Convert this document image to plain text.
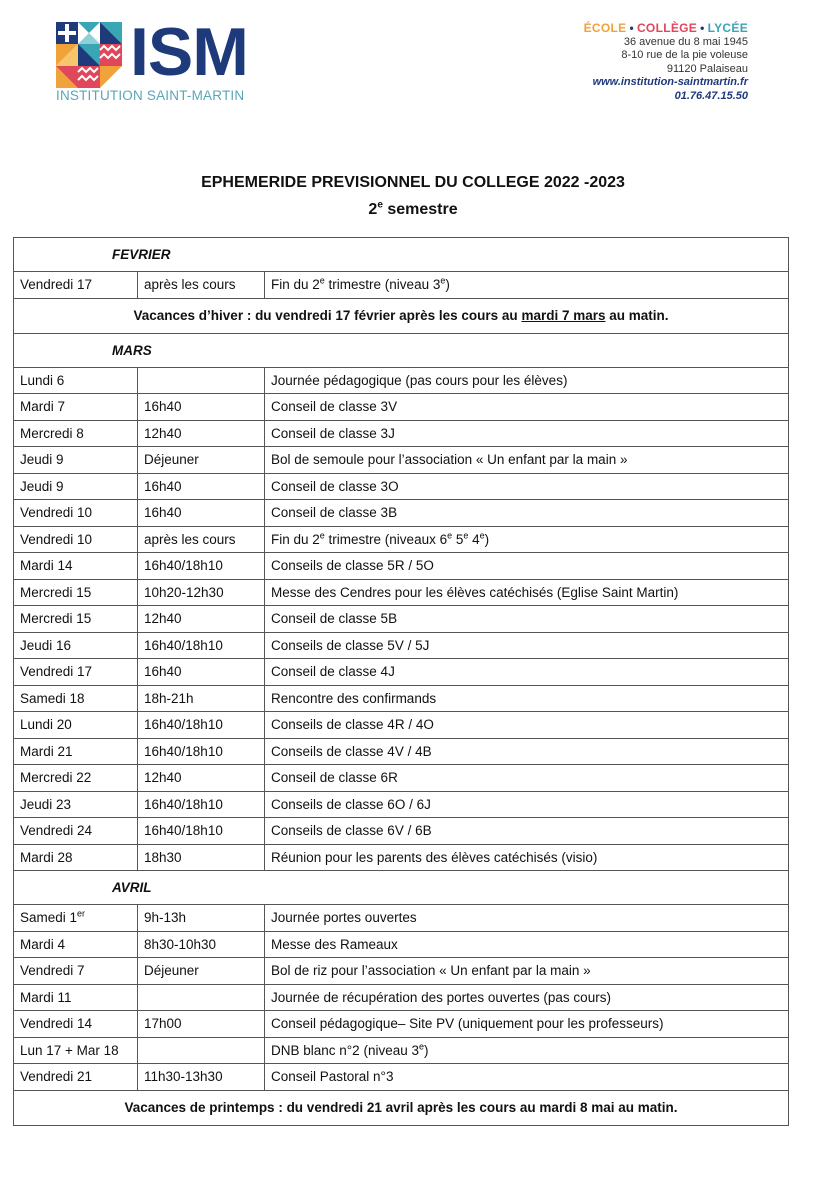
ISM
INSTITUTION SAINT-MARTIN
ÉCOLE • COLLÈGE • LYCÉE
36 avenue du 8 mai 1945
8-10 rue de la pie voleuse
91120 Palaiseau
www.institution-saintmartin.fr
01.76.47.15.50
EPHEMERIDE PREVISIONNEL DU COLLEGE 2022 -2023
2e semestre
FEVRIER		
Vendredi 17	après les cours	Fin du 2e trimestre (niveau 3e)
Vacances d’hiver : du vendredi 17 février après les cours au mardi 7 mars au matin.		
MARS		
Lundi 6		Journée pédagogique (pas cours pour les élèves)
Mardi 7	16h40	Conseil de classe 3V
Mercredi 8	12h40	Conseil de classe 3J
Jeudi 9	Déjeuner	Bol de semoule pour l’association « Un enfant par la main »
Jeudi 9	16h40	Conseil de classe 3O
Vendredi 10	16h40	Conseil de classe 3B
Vendredi 10	après les cours	Fin du 2e trimestre (niveaux 6e 5e 4e)
Mardi 14	16h40/18h10	Conseils de classe 5R / 5O
Mercredi 15	10h20-12h30	Messe des Cendres pour les élèves catéchisés (Eglise Saint Martin)
Mercredi 15	12h40	Conseil de classe 5B
Jeudi 16	16h40/18h10	Conseils de classe 5V / 5J
Vendredi 17	16h40	Conseil de classe 4J
Samedi 18	18h-21h	Rencontre des confirmands
Lundi 20	16h40/18h10	Conseils de classe 4R / 4O
Mardi 21	16h40/18h10	Conseils de classe 4V / 4B
Mercredi 22	12h40	Conseil de classe 6R
Jeudi 23	16h40/18h10	Conseils de classe 6O / 6J
Vendredi 24	16h40/18h10	Conseils de classe 6V / 6B
Mardi 28	18h30	Réunion pour les parents des élèves catéchisés (visio)
AVRIL		
Samedi 1er	9h-13h	Journée portes ouvertes
Mardi 4	8h30-10h30	Messe des Rameaux
Vendredi 7	Déjeuner	Bol de riz pour l’association « Un enfant par la main »
Mardi 11		Journée de récupération des portes ouvertes (pas cours)
Vendredi 14	17h00	Conseil pédagogique– Site PV (uniquement pour les professeurs)
Lun 17 + Mar 18		DNB blanc n°2 (niveau 3e)
Vendredi 21	11h30-13h30	Conseil Pastoral n°3
Vacances de printemps : du vendredi 21 avril après les cours au mardi 8 mai au matin.		
